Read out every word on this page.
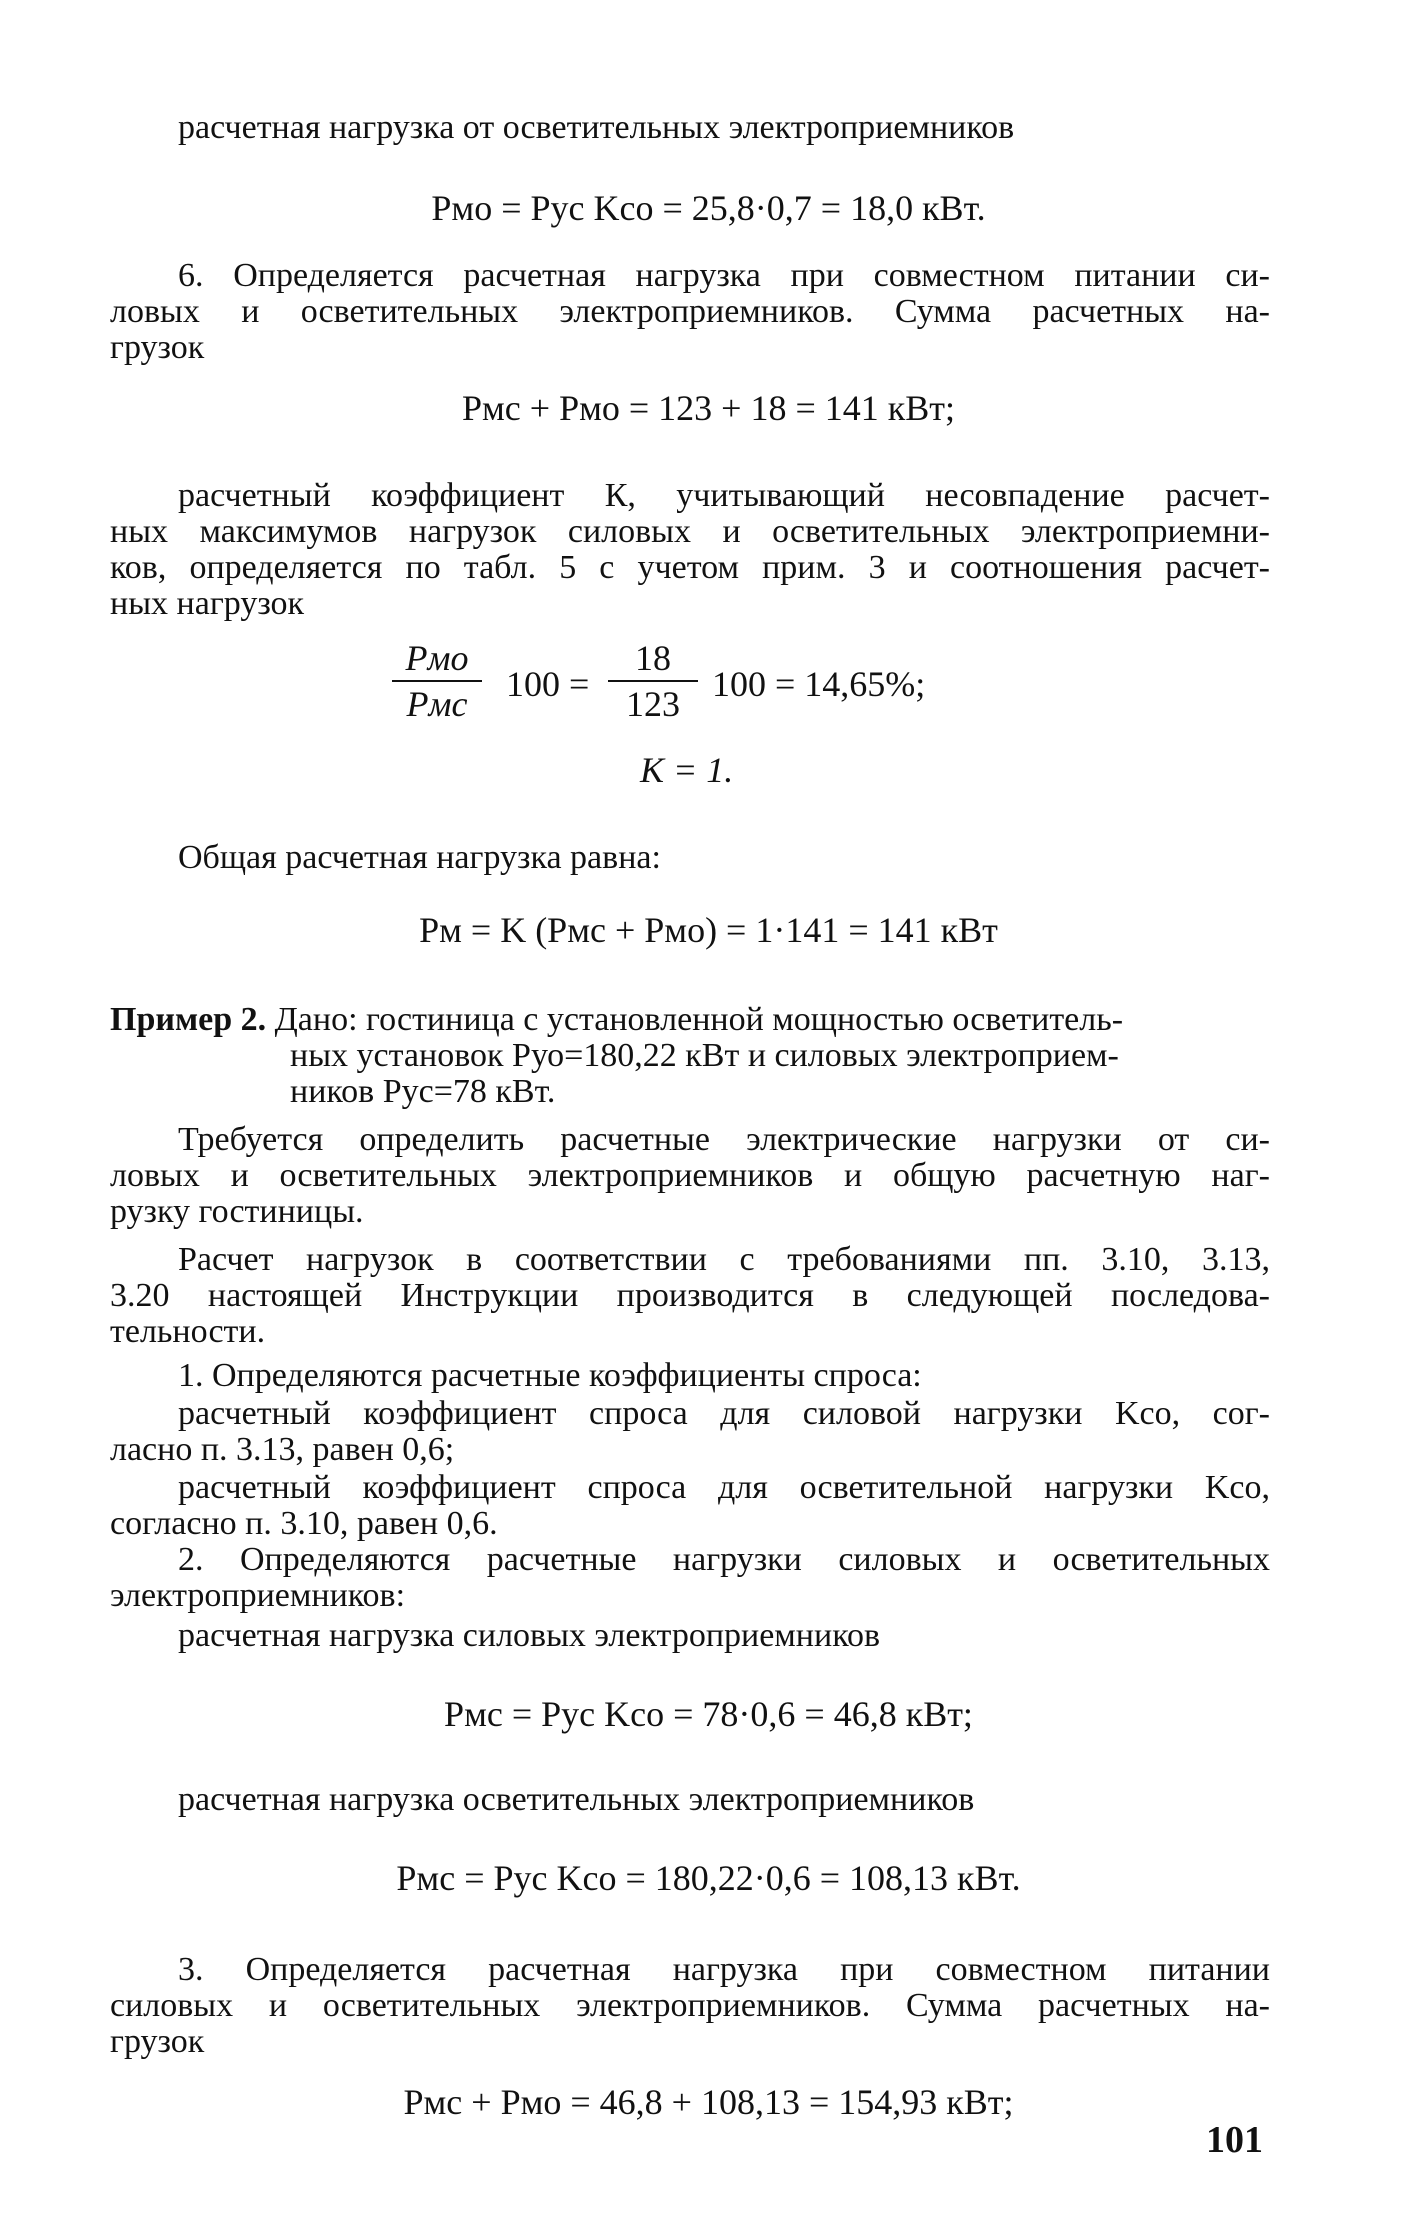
расчетная нагрузка от осветительных электроприемников
Pмо = Pус Kсо = 25,8·0,7 = 18,0 кВт.
6. Определяется расчетная нагрузка при совместном питании си-
ловых и осветительных электроприемников. Сумма расчетных на-
грузок
Pмс + Pмо = 123 + 18 = 141 кВт;
расчетный коэффициент К, учитывающий несовпадение расчет-
ных максимумов нагрузок силовых и осветительных электроприемни-
ков, определяется по табл. 5 с учетом прим. 3 и соотношения расчет-
ных нагрузок
Pмо
Pмс 100 =
18
123 100 = 14,65%;
K = 1.
Общая расчетная нагрузка равна:
Pм = K (Pмс + Pмо) = 1·141 = 141 кВт
Пример 2. Дано: гостиница с установленной мощностью осветитель-
ных установок Pуо=180,22 кВт и силовых электроприем-
ников Pус=78 кВт.
Требуется определить расчетные электрические нагрузки от си-
ловых и осветительных электроприемников и общую расчетную наг-
рузку гостиницы.
Расчет нагрузок в соответствии с требованиями пп. 3.10, 3.13,
3.20 настоящей Инструкции производится в следующей последова-
тельности.
1. Определяются расчетные коэффициенты спроса:
расчетный коэффициент спроса для силовой нагрузки Kсо, сог-
ласно п. 3.13, равен 0,6;
расчетный коэффициент спроса для осветительной нагрузки Kсо,
согласно п. 3.10, равен 0,6.
2. Определяются расчетные нагрузки силовых и осветительных
электроприемников:
расчетная нагрузка силовых электроприемников
Pмс = Pус Kсо = 78·0,6 = 46,8 кВт;
расчетная нагрузка осветительных электроприемников
Pмс = Pус Kсо = 180,22·0,6 = 108,13 кВт.
3. Определяется расчетная нагрузка при совместном питании
силовых и осветительных электроприемников. Сумма расчетных на-
грузок
Pмс + Pмо = 46,8 + 108,13 = 154,93 кВт;
101
